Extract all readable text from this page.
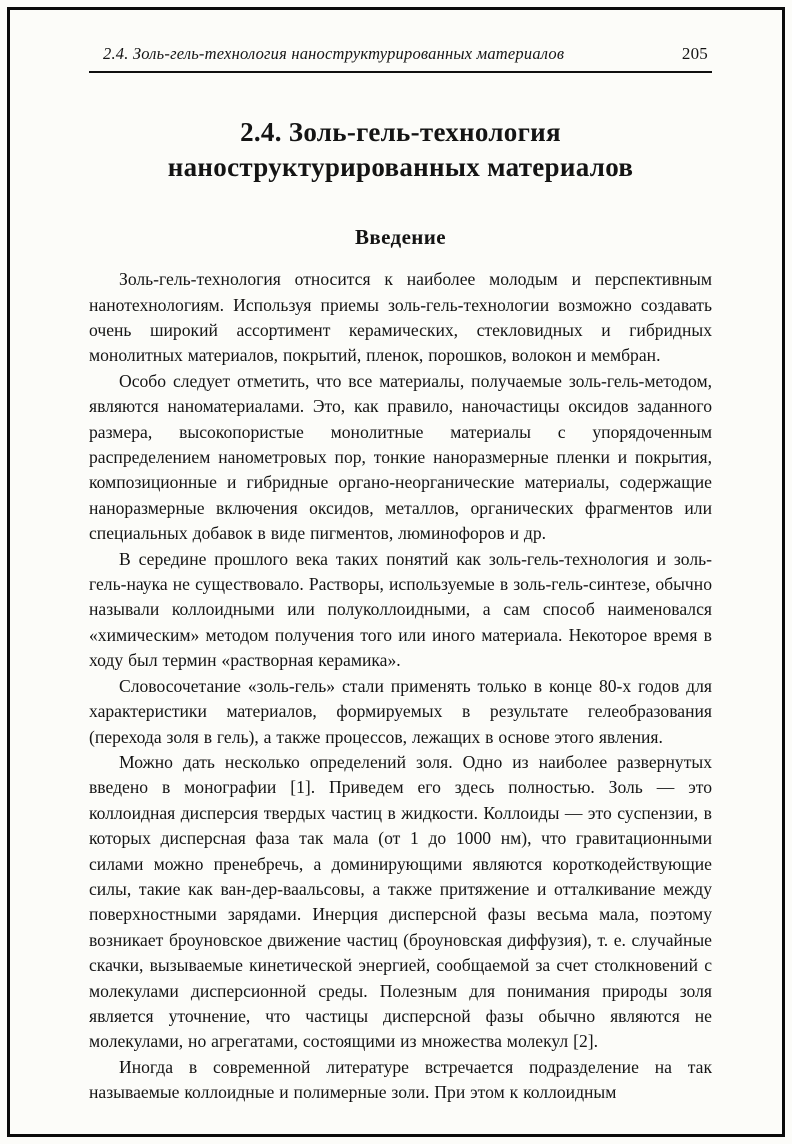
2.4. Золь-гель-технология наноструктурированных материалов	205
2.4. Золь-гель-технология
наноструктурированных материалов
Введение

Золь-гель-технология относится к наиболее молодым и перспективным нанотехнологиям. Используя приемы золь-гель-технологии возможно создавать очень широкий ассортимент керамических, стекловидных и гибридных монолитных материалов, покрытий, пленок, порошков, волокон и мембран.

Особо следует отметить, что все материалы, получаемые золь-гель-методом, являются наноматериалами. Это, как правило, наночастицы оксидов заданного размера, высокопористые монолитные материалы с упорядоченным распределением нанометровых пор, тонкие наноразмерные пленки и покрытия, композиционные и гибридные органо-неорганические материалы, содержащие наноразмерные включения оксидов, металлов, органических фрагментов или специальных добавок в виде пигментов, люминофоров и др.

В середине прошлого века таких понятий как золь-гель-технология и золь-гель-наука не существовало. Растворы, используемые в золь-гель-синтезе, обычно называли коллоидными или полуколлоидными, а сам способ наименовался «химическим» методом получения того или иного материала. Некоторое время в ходу был термин «растворная керамика».

Словосочетание «золь-гель» стали применять только в конце 80-х годов для характеристики материалов, формируемых в результате гелеобразования (перехода золя в гель), а также процессов, лежащих в основе этого явления.

Можно дать несколько определений золя. Одно из наиболее развернутых введено в монографии [1]. Приведем его здесь полностью. Золь — это коллоидная дисперсия твердых частиц в жидкости. Коллоиды — это суспензии, в которых дисперсная фаза так мала (от 1 до 1000 нм), что гравитационными силами можно пренебречь, а доминирующими являются короткодействующие силы, такие как ван-дер-ваальсовы, а также притяжение и отталкивание между поверхностными зарядами. Инерция дисперсной фазы весьма мала, поэтому возникает броуновское движение частиц (броуновская диффузия), т. е. случайные скачки, вызываемые кинетической энергией, сообщаемой за счет столкновений с молекулами дисперсионной среды. Полезным для понимания природы золя является уточнение, что частицы дисперсной фазы обычно являются не молекулами, но агрегатами, состоящими из множества молекул [2].

Иногда в современной литературе встречается подразделение на так называемые коллоидные и полимерные золи. При этом к коллоидным
